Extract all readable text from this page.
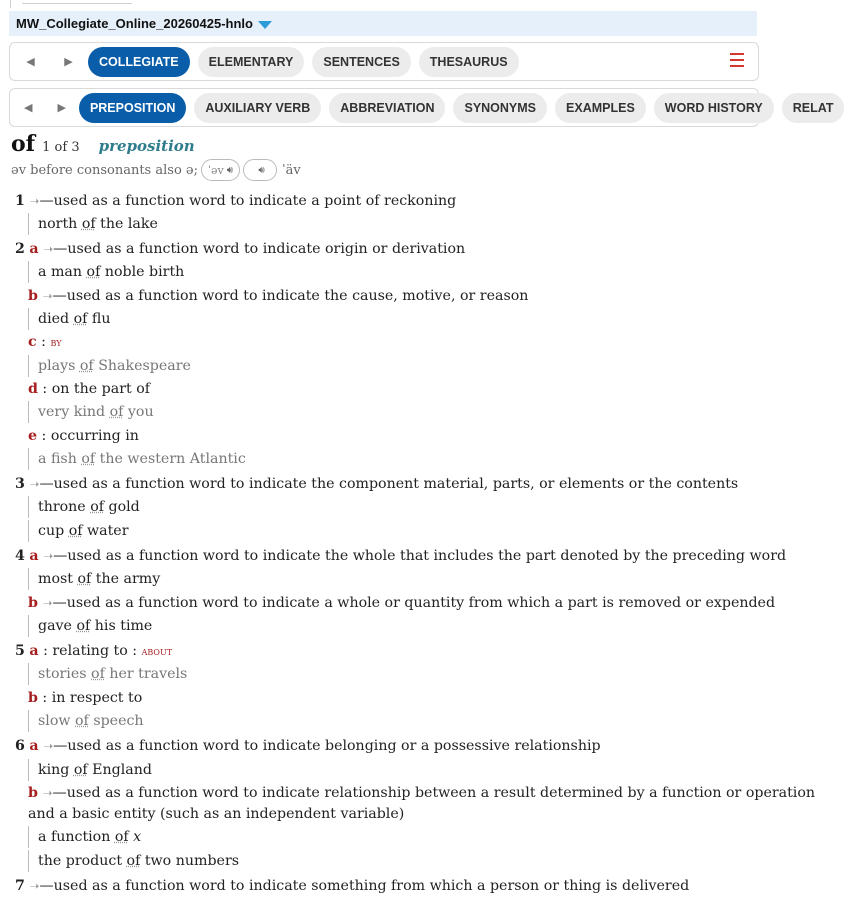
MW_Collegiate_Online_20260425-hnlo
◀	▶	COLLEGIATE	ELEMENTARY	SENTENCES	THESAURUS
◀ ▶	PREPOSITION	AUXILIARY VERB	ABBREVIATION	SYNONYMS	EXAMPLES	WORD HISTORY	RELAT
of 1 of 3 preposition
əv before consonants also ə; ˈəv 🔊︎	🔊︎ ˈäv
1 ➝—used as a function word to indicate a point of reckoning
north of the lake
2 a ➝—used as a function word to indicate origin or derivation
a man of noble birth
b ➝—used as a function word to indicate the cause, motive, or reason
died of flu
c : by
plays of Shakespeare
d : on the part of
very kind of you
e : occurring in
a fish of the western Atlantic
3 ➝—used as a function word to indicate the component material, parts, or elements or the contents
throne of gold
cup of water
4 a ➝—used as a function word to indicate the whole that includes the part denoted by the preceding word
most of the army
b ➝—used as a function word to indicate a whole or quantity from which a part is removed or expended
gave of his time
5 a : relating to : about
stories of her travels
b : in respect to
slow of speech
6 a ➝—used as a function word to indicate belonging or a possessive relationship
king of England
b ➝—used as a function word to indicate relationship between a result determined by a function or operation
and a basic entity (such as an independent variable)
a function of x
the product of two numbers
7 ➝—used as a function word to indicate something from which a person or thing is delivered
